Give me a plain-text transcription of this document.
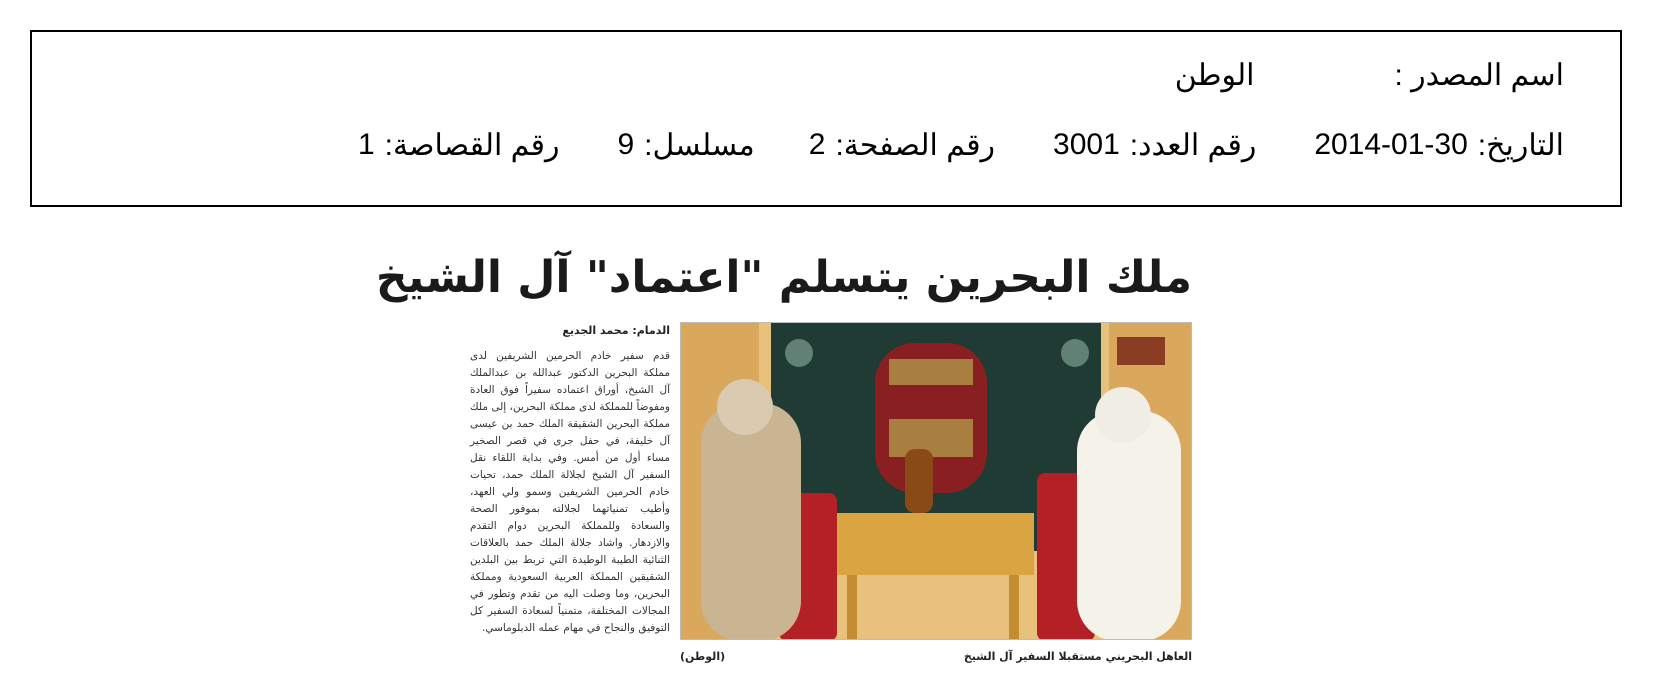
اسم المصدر :
الوطن
التاريخ:
2014-01-30
رقم العدد:
3001
رقم الصفحة:
2
مسلسل:
9
رقم القصاصة:
1
ملك البحرين يتسلم "اعتماد" آل الشيخ
الدمام: محمد الجديع
قدم سفير خادم الحرمين الشريفين لدى مملكة البحرين الدكتور عبدالله بن عبدالملك آل الشيخ، أوراق اعتماده سفيراً فوق العادة ومفوضاً للمملكة لدى مملكة البحرين، إلى ملك مملكة البحرين الشقيقة الملك حمد بن عيسى آل خليفة، في حفل جرى في قصر الصخير مساء أول من أمس. وفي بداية اللقاء نقل السفير آل الشيخ لجلالة الملك حمد، تحيات خادم الحرمين الشريفين وسمو ولي العهد، وأطيب تمنياتهما لجلالته بموفور الصحة والسعادة وللمملكة البحرين دوام التقدم والازدهار. واشاد جلالة الملك حمد بالعلاقات الثنائية الطيبة الوطيدة التي تربط بين البلدين الشقيقين المملكة العربية السعودية ومملكة البحرين، وما وصلت اليه من تقدم وتطور في المجالات المختلفة، متمنياً لسعادة السفير كل التوفيق والنجاح في مهام عمله الدبلوماسي.
العاهل البحريني مستقبلا السفير آل الشيخ
(الوطن)
